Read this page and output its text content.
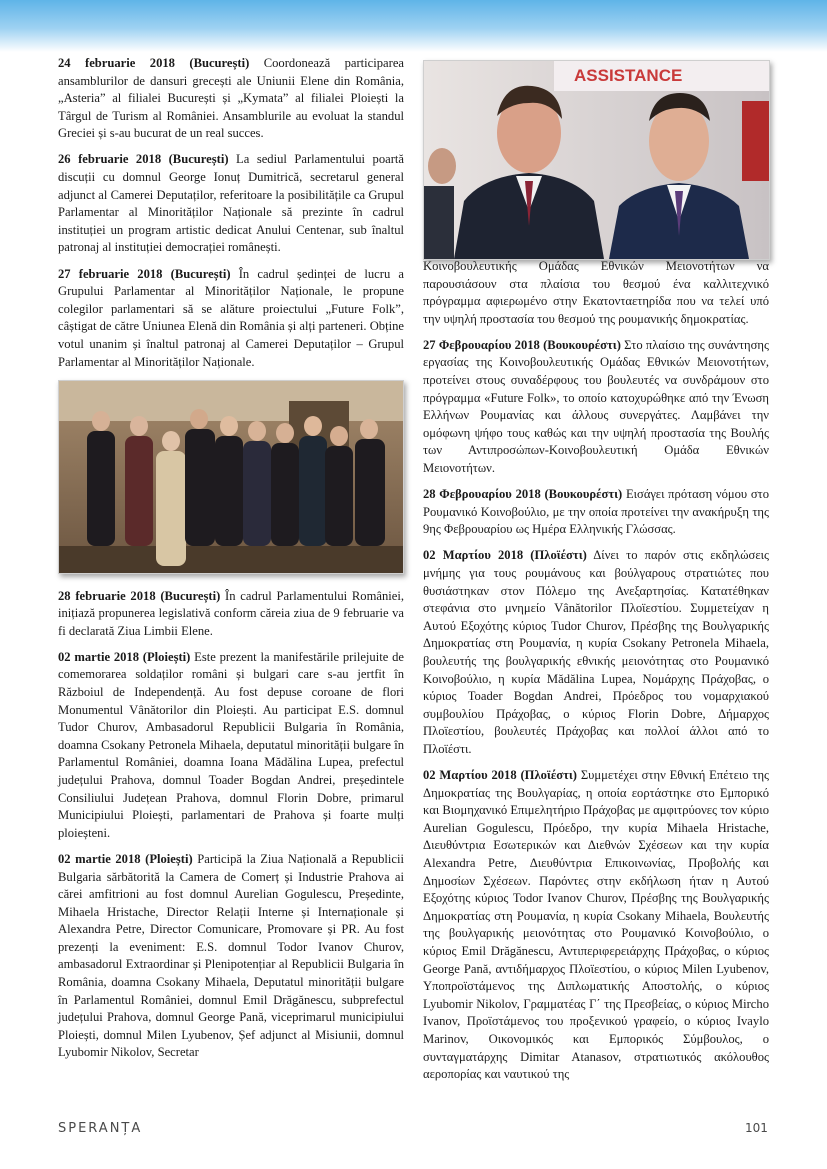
24 februarie 2018 (București) Coordonează participarea ansamblurilor de dansuri grecești ale Uniunii Elene din România, „Asteria” al filialei București și „Kymata” al filialei Ploiești la Târgul de Turism al României. Ansamblurile au evoluat la standul Greciei și s-au bucurat de un real succes.

26 februarie 2018 (București) La sediul Parlamentului poartă discuții cu domnul George Ionuț Dumitrică, secretarul general adjunct al Camerei Deputaților, referitoare la posibilitățile ca Grupul Parlamentar al Minorităților Naționale să prezinte în cadrul instituției un program artistic dedicat Anului Centenar, sub înaltul patronaj al instituției democrației românești.

27 februarie 2018 (București) În cadrul ședinței de lucru a Grupului Parlamentar al Minorităților Naționale, le propune colegilor parlamentari să se alăture proiectului „Future Folk”, câștigat de către Uniunea Elenă din România și alți parteneri. Obține votul unanim și înaltul patronaj al Camerei Deputaților – Grupul Parlamentar al Minorităților Naționale.

28 februarie 2018 (București) În cadrul Parlamentului României, inițiază propunerea legislativă conform căreia ziua de 9 februarie va fi declarată Ziua Limbii Elene.

02 martie 2018 (Ploiești) Este prezent la manifestările prilejuite de comemorarea soldaților români și bulgari care s-au jertfit în Războiul de Independență. Au fost depuse coroane de flori Monumentul Vânătorilor din Ploiești. Au participat E.S. domnul Tudor Churov, Ambasadorul Republicii Bulgaria în România, doamna Csokany Petronela Mihaela, deputatul minorității bulgare în Parlamentul României, doamna Ioana Mădălina Lupea, prefectul județului Prahova, domnul Toader Bogdan Andrei, președintele Consiliului Județean Prahova, domnul Florin Dobre, primarul Municipiului Ploiești, parlamentari de Prahova și foarte mulți ploieșteni.

02 martie 2018 (Ploiești) Participă la Ziua Națională a Republicii Bulgaria sărbătorită la Camera de Comerț și Industrie Prahova ai cărei amfitrioni au fost domnul Aurelian Gogulescu, Președinte, Mihaela Hristache, Director Relații Interne și Internaționale și Alexandra Petre, Director Comunicare, Promovare și PR. Au fost prezenți la eveniment: E.S. domnul Todor Ivanov Churov, ambasadorul Extraordinar și Plenipotențiar al Republicii Bulgaria în România, doamna Csokany Mihaela, Deputatul minorității bulgare în Parlamentul României, domnul Emil Drăgănescu, subprefectul județului Prahova, domnul George Pană, viceprimarul municipiului Ploiești, domnul Milen Lyubenov, Șef adjunct al Misiunii, domnul Lyubomir Nikolov, Secretar

ASSISTANCE

Κοινοβουλευτικής Ομάδας Εθνικών Μειονοτήτων να παρουσιάσουν στα πλαίσια του θεσμού ένα καλλιτεχνικό πρόγραμμα αφιερωμένο στην Εκατονταετηρίδα που να τελεί υπό την υψηλή προστασία του θεσμού της ρουμανικής δημοκρατίας.

27 Φεβρουαρίου 2018 (Βουκουρέστι) Στο πλαίσιο της συνάντησης εργασίας της Κοινοβουλευτικής Ομάδας Εθνικών Μειονοτήτων, προτείνει στους συναδέρφους του βουλευτές να συνδράμουν στο πρόγραμμα «Future Folk», το οποίο κατοχυρώθηκε από την Ένωση Ελλήνων Ρουμανίας και άλλους συνεργάτες. Λαμβάνει την ομόφωνη ψήφο τους καθώς και την υψηλή προστασία της Βουλής των Αντιπροσώπων-Κοινοβουλευτική Ομάδα Εθνικών Μειονοτήτων.

28 Φεβρουαρίου 2018 (Βουκουρέστι) Εισάγει πρόταση νόμου στο Ρουμανικό Κοινοβούλιο, με την οποία προτείνει την ανακήρυξη της 9ης Φεβρουαρίου ως Ημέρα Ελληνικής Γλώσσας.

02 Μαρτίου 2018 (Πλοϊέστι) Δίνει το παρόν στις εκδηλώσεις μνήμης για τους ρουμάνους και βούλγαρους στρατιώτες που θυσιάστηκαν στον Πόλεμο της Ανεξαρτησίας. Κατατέθηκαν στεφάνια στο μνημείο Vânătorilor Πλοϊεστίου. Συμμετείχαν η Αυτού Εξοχότης κύριος Tudor Churov, Πρέσβης της Βουλγαρικής Δημοκρατίας στη Ρουμανία, η κυρία Csokany Petronela Mihaela, βουλευτής της βουλγαρικής εθνικής μειονότητας στο Ρουμανικό Κοινοβούλιο, η κυρία Mădălina Lupea, Νομάρχης Πράχοβας, ο κύριος Toader Bogdan Andrei, Πρόεδρος του νομαρχιακού συμβουλίου Πράχοβας, ο κύριος Florin Dobre, Δήμαρχος Πλοϊεστίου, βουλευτές Πράχοβας και πολλοί άλλοι από το Πλοϊέστι.

02 Μαρτίου 2018 (Πλοϊέστι) Συμμετέχει στην Εθνική Επέτειο της Δημοκρατίας της Βουλγαρίας, η οποία εορτάστηκε στο Εμπορικό και Βιομηχανικό Επιμελητήριο Πράχοβας με αμφιτρύονες τον κύριο Aurelian Gogulescu, Πρόεδρο, την κυρία Mihaela Hristache, Διευθύντρια Εσωτερικών και Διεθνών Σχέσεων και την κυρία Alexandra Petre, Διευθύντρια Επικοινωνίας, Προβολής και Δημοσίων Σχέσεων. Παρόντες στην εκδήλωση ήταν η Αυτού Εξοχότης κύριος Todor Ivanov Churov, Πρέσβης της Βουλγαρικής Δημοκρατίας στη Ρουμανία, η κυρία Csokany Mihaela, Βουλευτής της βουλγαρικής μειονότητας στο Ρουμανικό Κοινοβούλιο, ο κύριος Emil Drăgănescu, Αντιπεριφερειάρχης Πράχοβας, ο κύριος George Pană, αντιδήμαρχος Πλοϊεστίου, ο κύριος Milen Lyubenov, Υποπροϊστάμενος της Διπλωματικής Αποστολής, ο κύριος Lyubomir Nikolov, Γραμματέας Γ΄ της Πρεσβείας, ο κύριος Mircho Ivanov, Προϊστάμενος του προξενικού γραφείο, ο κύριος Ivaylo Marinov, Οικονομικός και Εμπορικός Σύμβουλος, ο συνταγματάρχης Dimitar Atanasov, στρατιωτικός ακόλουθος αεροπορίας και ναυτικού της

SPERANȚA	101
